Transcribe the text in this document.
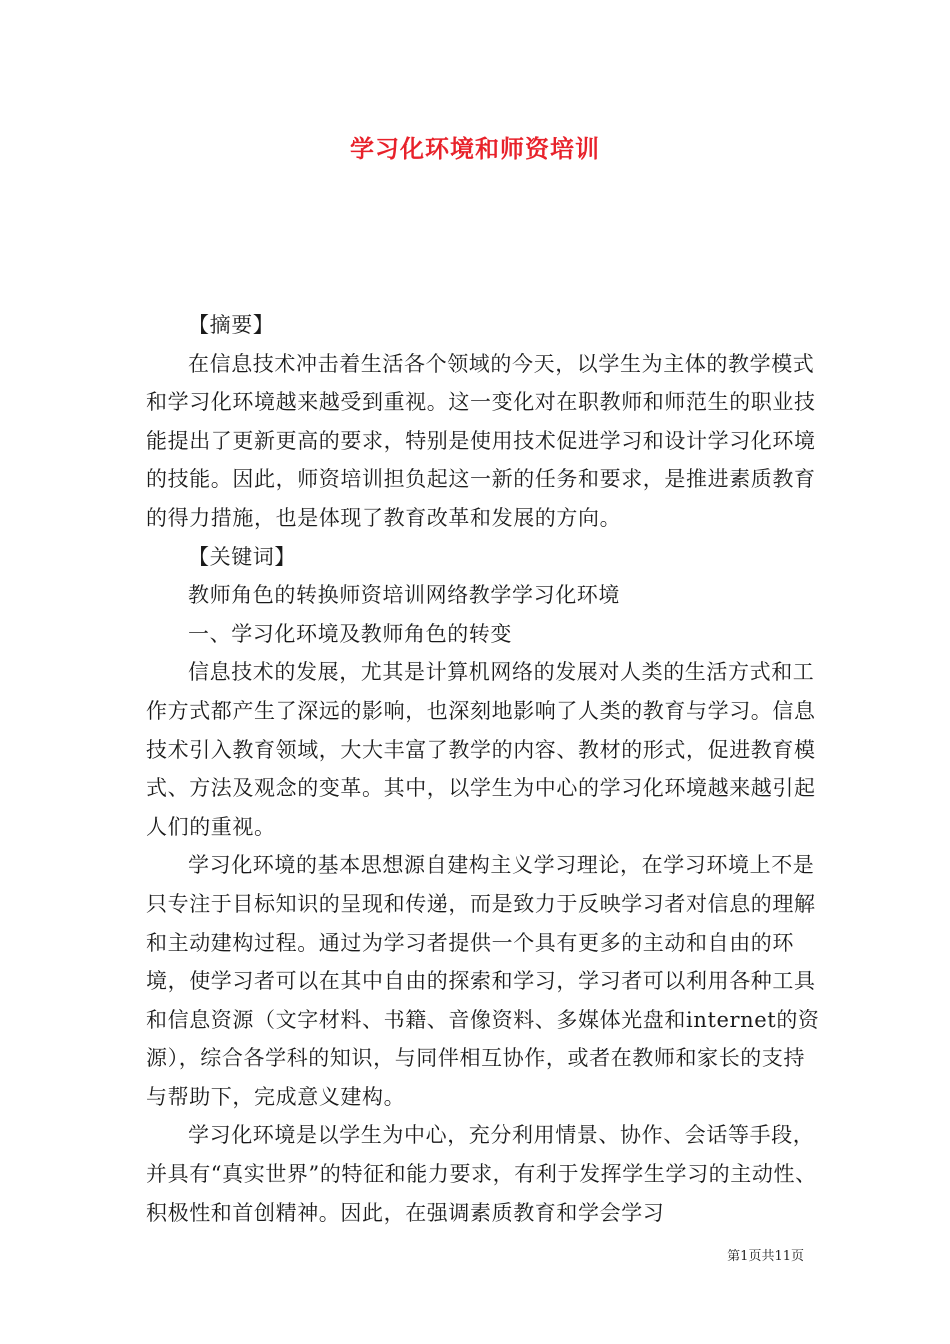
学习化环境和师资培训

【摘要】

在信息技术冲击着生活各个领域的今天，以学生为主体的教学模式和学习化环境越来越受到重视。这一变化对在职教师和师范生的职业技能提出了更新更高的要求，特别是使用技术促进学习和设计学习化环境的技能。因此，师资培训担负起这一新的任务和要求，是推进素质教育的得力措施，也是体现了教育改革和发展的方向。

【关键词】

教师角色的转换师资培训网络教学学习化环境

一、学习化环境及教师角色的转变

信息技术的发展，尤其是计算机网络的发展对人类的生活方式和工作方式都产生了深远的影响，也深刻地影响了人类的教育与学习。信息技术引入教育领域，大大丰富了教学的内容、教材的形式，促进教育模式、方法及观念的变革。其中，以学生为中心的学习化环境越来越引起人们的重视。

学习化环境的基本思想源自建构主义学习理论，在学习环境上不是只专注于目标知识的呈现和传递，而是致力于反映学习者对信息的理解和主动建构过程。通过为学习者提供一个具有更多的主动和自由的环境，使学习者可以在其中自由的探索和学习，学习者可以利用各种工具和信息资源（文字材料、书籍、音像资料、多媒体光盘和internet的资源），综合各学科的知识，与同伴相互协作，或者在教师和家长的支持与帮助下，完成意义建构。

学习化环境是以学生为中心，充分利用情景、协作、会话等手段，并具有“真实世界”的特征和能力要求，有利于发挥学生学习的主动性、积极性和首创精神。因此，在强调素质教育和学会学习

第1页共11页
